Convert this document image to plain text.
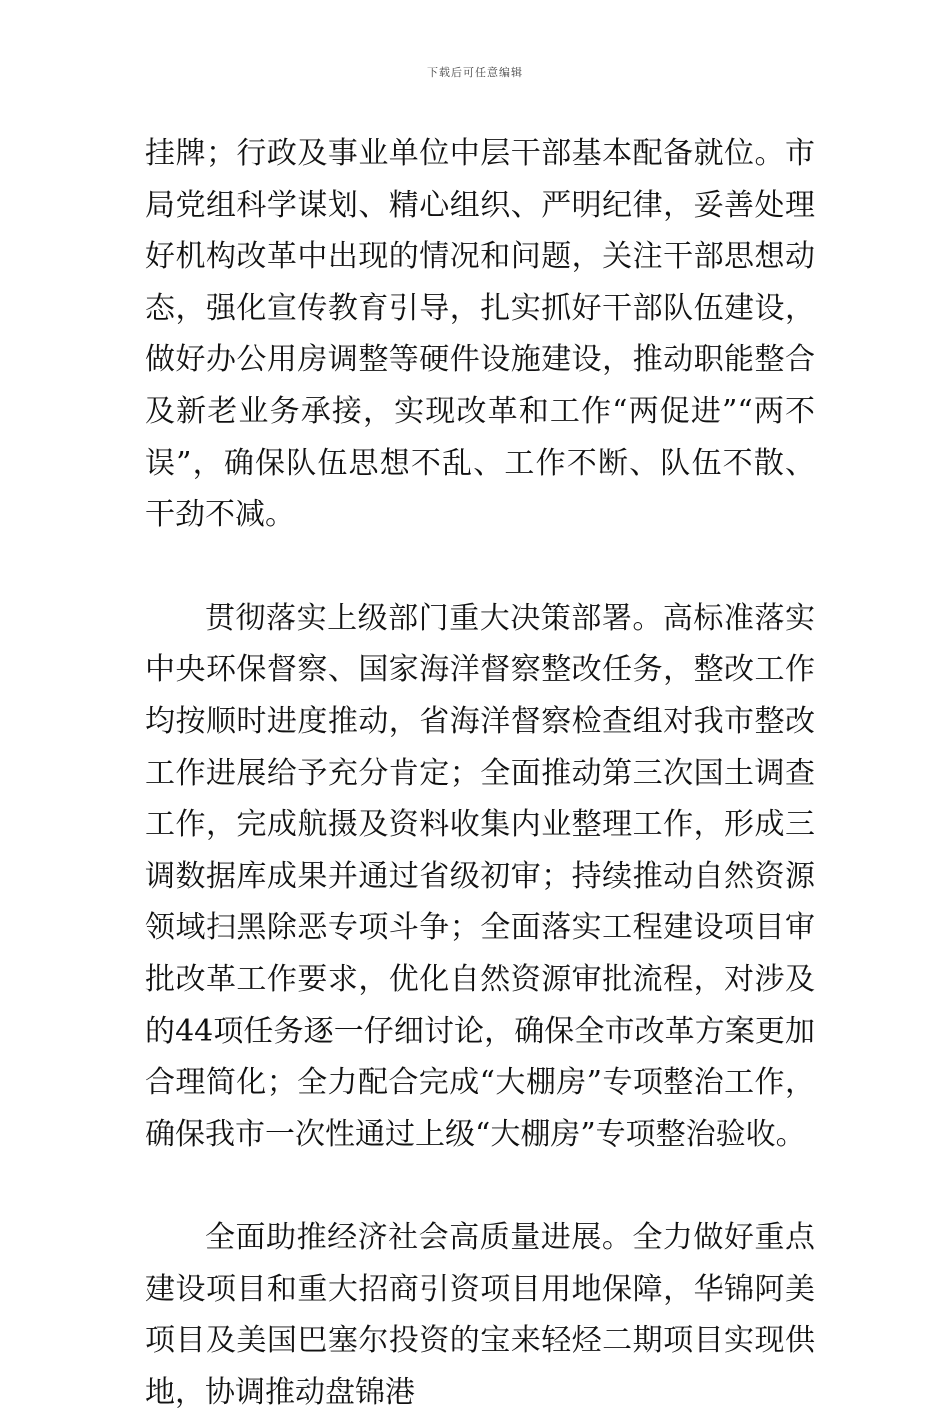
下载后可任意编辑

挂牌；行政及事业单位中层干部基本配备就位。市局党组科学谋划、精心组织、严明纪律，妥善处理好机构改革中出现的情况和问题，关注干部思想动态，强化宣传教育引导，扎实抓好干部队伍建设，做好办公用房调整等硬件设施建设，推动职能整合及新老业务承接，实现改革和工作“两促进”“两不误”，确保队伍思想不乱、工作不断、队伍不散、干劲不减。

贯彻落实上级部门重大决策部署。高标准落实中央环保督察、国家海洋督察整改任务，整改工作均按顺时进度推动，省海洋督察检查组对我市整改工作进展给予充分肯定；全面推动第三次国土调查工作，完成航摄及资料收集内业整理工作，形成三调数据库成果并通过省级初审；持续推动自然资源领域扫黑除恶专项斗争；全面落实工程建设项目审批改革工作要求，优化自然资源审批流程，对涉及的44项任务逐一仔细讨论，确保全市改革方案更加合理简化；全力配合完成“大棚房”专项整治工作，确保我市一次性通过上级“大棚房”专项整治验收。

全面助推经济社会高质量进展。全力做好重点建设项目和重大招商引资项目用地保障，华锦阿美项目及美国巴塞尔投资的宝来轻烃二期项目实现供地，协调推动盘锦港
